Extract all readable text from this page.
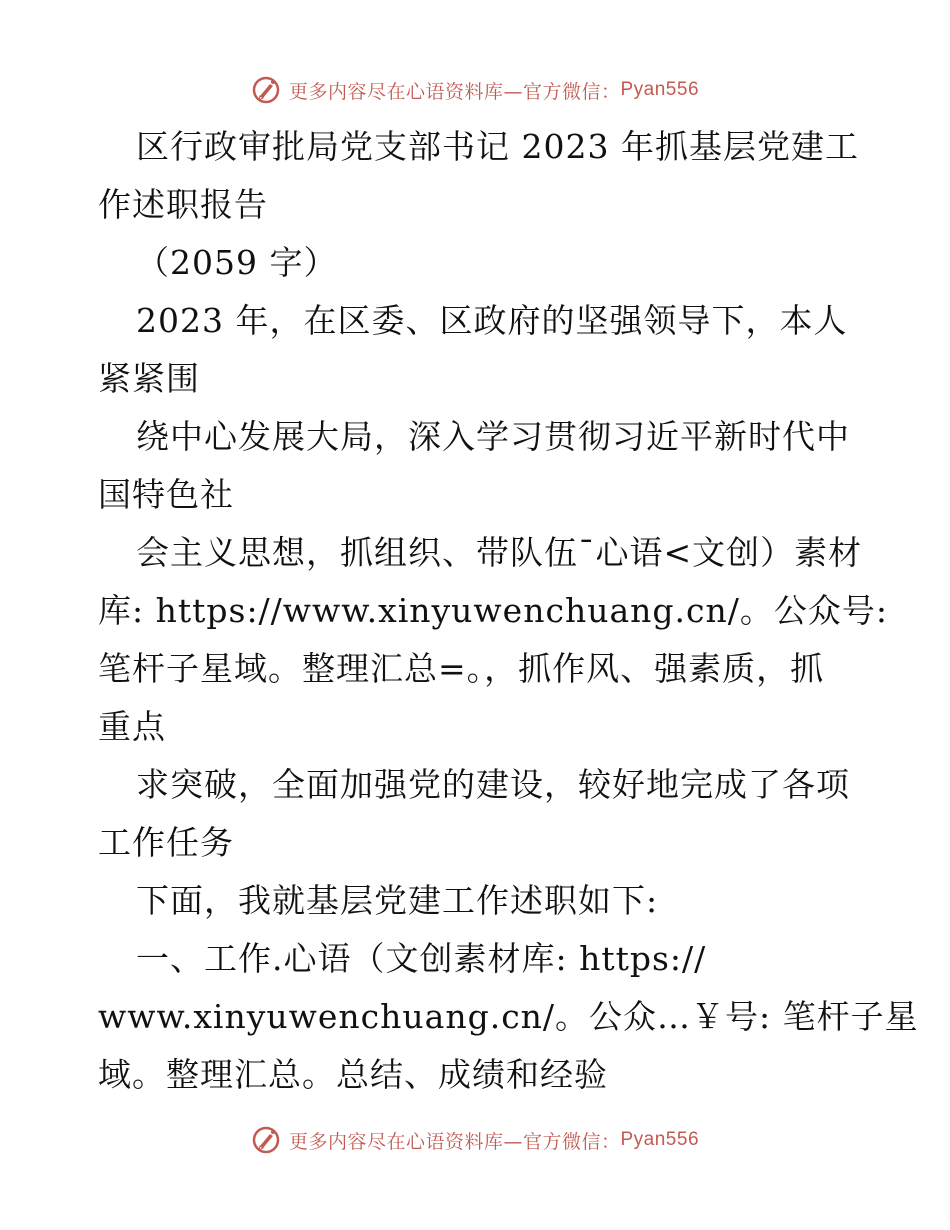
更多内容尽在心语资料库—官方微信： Pyan556
区行政审批局党支部书记 2023 年抓基层党建工
作述职报告
（2059 字）
2023 年，在区委、区政府的坚强领导下，本人
紧紧围
绕中心发展大局，深入学习贯彻习近平新时代中
国特色社
会主义思想，抓组织、带队伍¯心语<文创）素材
库: https://www.xinyuwenchuang.cn/。公众号:
笔杆子星域。整理汇总=。，抓作风、强素质，抓
重点
求突破，全面加强党的建设，较好地完成了各项
工作任务
下面，我就基层党建工作述职如下:
一、工作.心语（文创素材库: https://
www.xinyuwenchuang.cn/。公众…￥号: 笔杆子星
域。整理汇总。总结、成绩和经验
更多内容尽在心语资料库—官方微信： Pyan556
